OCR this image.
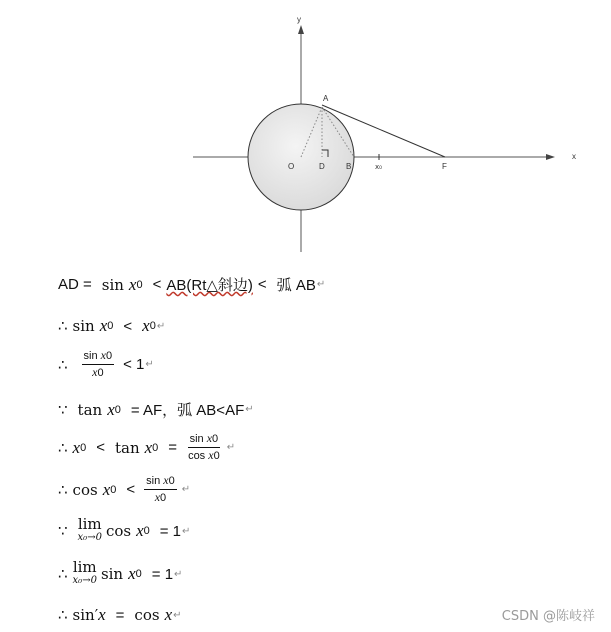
y
x
O
A
D	B	x₀	F
AD = sin x 0 < AB(Rt△斜边) < 弧 AB ↵
∴ sin x 0 < x 0 ↵
∴ $\frac{\text{sin x0}}{x0} < 1$ ↵
∵ tan x 0 = AF，弧 AB<AF ↵
∴ x 0 < tan x $0 = \frac{\text{sin x0}}{\text{cos x0}}$ ↵
∴ cos x $0 < \frac{\text{sin x0}}{x0}$ ↵
∵ lim
x₀→0 cos x 0 = 1 ↵
∴ lim
x₀→0 sin x 0 = 1 ↵
∴ sin ′ x = cos x ↵	CSDN @陈岐祥
